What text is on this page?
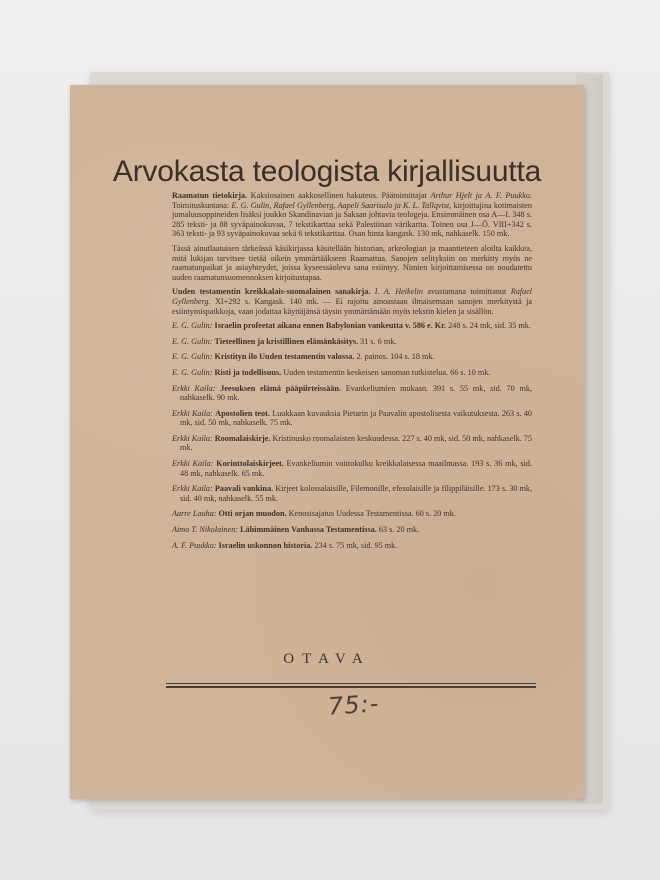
Arvokasta teologista kirjallisuutta

Raamatun tietokirja. Kaksiosainen aakkosellinen hakuteos. Päätoimittajat Arthur Hjelt ja A. F. Puukko. Toimituskuntana: E. G. Gulin, Rafael Gyllenberg, Aapeli Saarisalo ja K. L. Tallqvist, kirjoittajina kotimaisten jumaluusoppineiden lisäksi joukko Skandinavian ja Saksan johtavia teologeja. Ensimmäinen osa A—I. 348 s. 285 teksti- ja 88 syväpainokuvaa, 7 tekstikarttaa sekä Palestiinan värikartta. Toinen osa J—Ö. VIII+342 s. 363 teksti- ja 93 syväpainokuvaa sekä 6 tekstikarttaa. Osan hinta kangask. 130 mk, nahkaselk. 150 mk.

Tässä ainutlaatuisen tärkeässä käsikirjassa käsitellään historian, arkeologian ja maantieteen aloilta kaikkea, mitä lukijan tarvitsee tietää oikein ymmärtääkseen Raamattua. Sanojen selityksiin on merkitty myös ne raamatunpaikat ja asiayhteydet, joissa kyseessäoleva sana esiintyy. Nimien kirjoittamisessa on noudatettu uuden raamatunsuomennoksen kirjoitustapaa.

Uuden testamentin kreikkalais-suomalainen sanakirja. I. A. Heikelin avustamana toimittanut Rafael Gyllenberg. XI+292 s. Kangask. 140 mk. — Ei rajoitu ainoastaan ilmaisemaan sanojen merkitystä ja esiintymispaikkoja, vaan jodattaa käyttäjänsä täysin ymmärtämään myös tekstin kielen ja sisällön.

E. G. Gulin: Israelin profeetat aikana ennen Babylonian vankeutta v. 586 e. Kr. 248 s. 24 mk, sid. 35 mk.

E. G. Gulin: Tieteellinen ja kristillinen elämänkäsitys. 31 s. 6 mk.

E. G. Gulin: Kristityn ilo Uuden testamentin valossa. 2. painos. 104 s. 18 mk.

E. G. Gulin: Risti ja todellisuus. Uuden testamentin keskeisen sanoman tutkistelua. 66 s. 10 mk.

Erkki Kaila: Jeesuksen elämä pääpiirteissään. Evankeliumien mukaan. 391 s. 55 mk, sid. 70 mk, nahkaselk. 90 mk.

Erkki Kaila: Apostolien teot. Luukkaan kuvauksia Pietarin ja Paavalin apostolisesta vaikutuksesta. 263 s. 40 mk, sid. 50 mk, nahkaselk. 75 mk.

Erkki Kaila: Roomalaiskirje. Kristinusko roomalaisten keskuudessa. 227 s. 40 mk, sid. 50 mk, nahkaselk. 75 mk.

Erkki Kaila: Korinttolaiskirjeet. Evankeliumin voittokulku kreikkalaisessa maailmassa. 193 s. 36 mk, sid. 48 mk, nahkaselk. 65 mk.

Erkki Kaila: Paavali vankina. Kirjeet kolossalaisille, Filemonille, efesolaisille ja filippiläisille. 173 s. 30 mk, sid. 40 mk, nahkaselk. 55 mk.

Aarre Lauha: Otti orjan muodon. Kenosisajatus Uudessa Testamentissa. 60 s. 20 mk.

Aimo T. Nikolainen: Lähimmäinen Vanhassa Testamentissa. 63 s. 20 mk.

A. F. Puukko: Israelin uskonnon historia. 234 s. 75 mk, sid. 95 mk.

OTAVA
75:-
